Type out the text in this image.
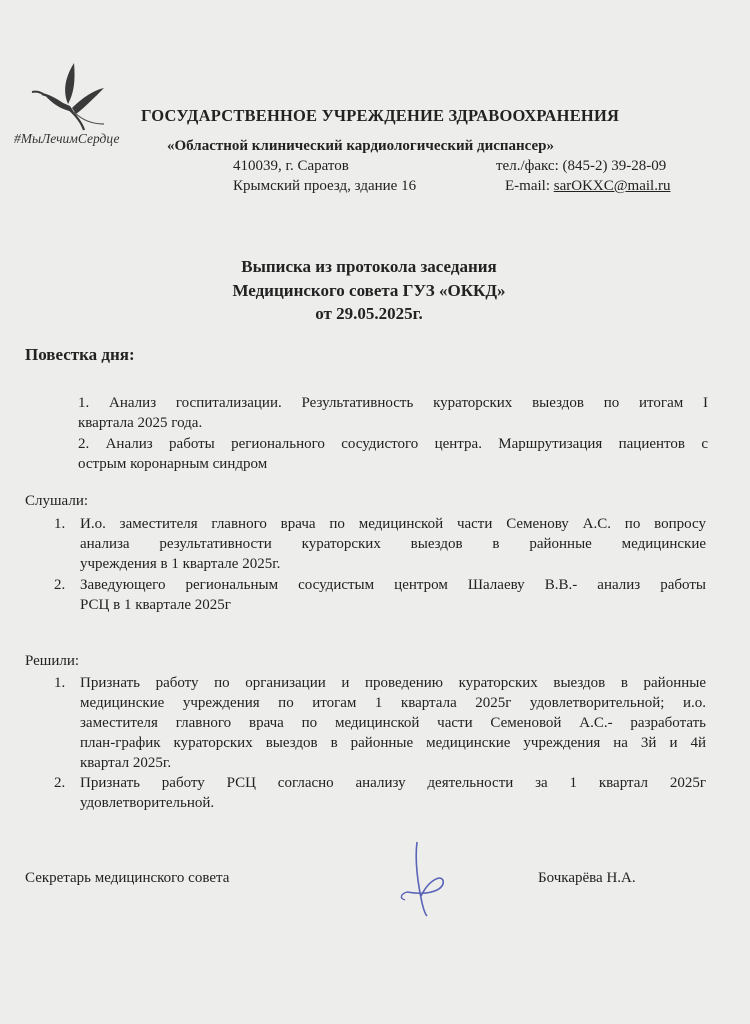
#МыЛечимСердце
ГОСУДАРСТВЕННОЕ УЧРЕЖДЕНИЕ ЗДРАВООХРАНЕНИЯ
«Областной клинический кардиологический диспансер»
410039, г. Саратов
Крымский проезд, здание 16
тел./факс: (845-2) 39-28-09
E-mail: sarOKXC@mail.ru
Выписка из протокола заседания
Медицинского совета ГУЗ «ОККД»
от 29.05.2025г.
Повестка дня:
1. Анализ госпитализации. Результативность кураторских выездов по итогам I
квартала 2025 года.
2. Анализ работы регионального сосудистого центра. Маршрутизация пациентов с
острым коронарным синдром
Слушали:
1. И.о. заместителя главного врача по медицинской части Семенову А.С. по вопросу
анализа результативности кураторских выездов в районные медицинские
учреждения в 1 квартале 2025г.
2. Заведующего региональным сосудистым центром Шалаеву В.В.- анализ работы
РСЦ в 1 квартале 2025г
Решили:
1. Признать работу по организации и проведению кураторских выездов в районные
медицинские учреждения по итогам 1 квартала 2025г удовлетворительной; и.о.
заместителя главного врача по медицинской части Семеновой А.С.- разработать
план-график кураторских выездов в районные медицинские учреждения на 3й и 4й
квартал 2025г.
2. Признать работу РСЦ согласно анализу деятельности за 1 квартал 2025г
удовлетворительной.
Секретарь медицинского совета	Бочкарёва Н.А.
